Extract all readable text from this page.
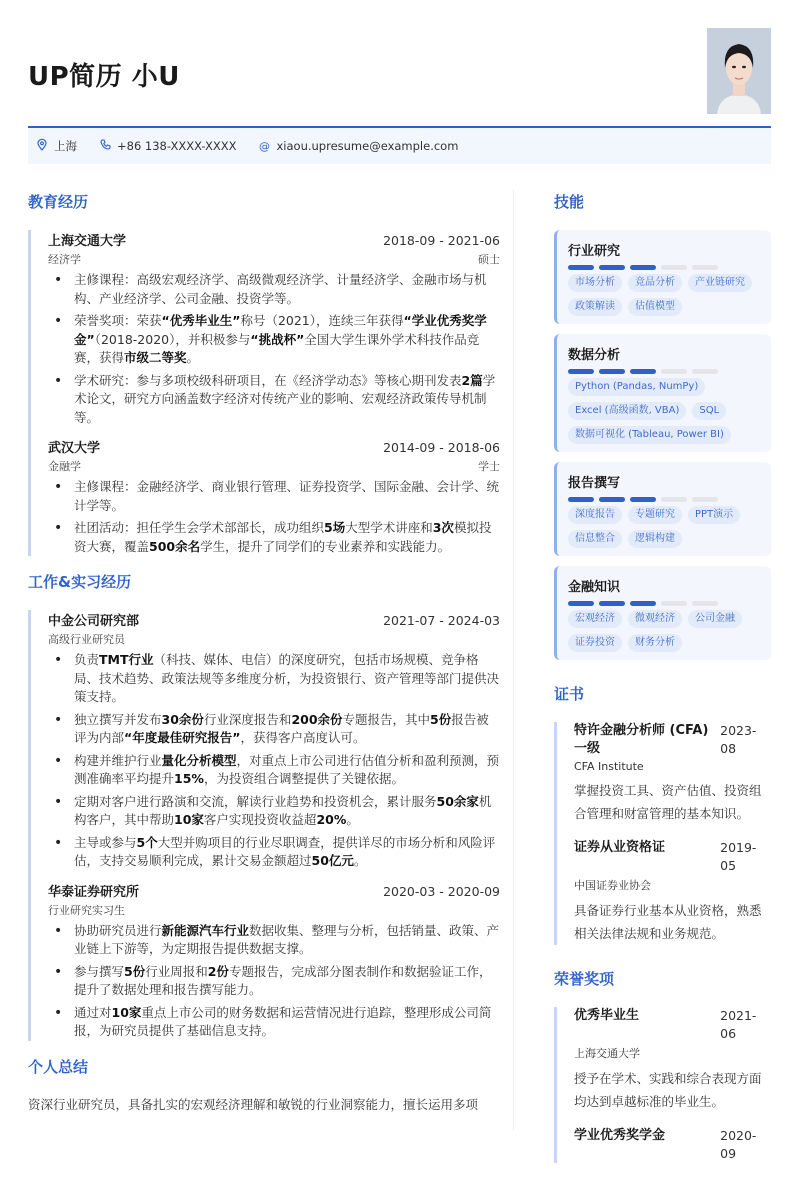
UP简历 小U
上海	+86 138-XXXX-XXXX @ xiaou.upresume@example.com
教育经历
上海交通大学	2018-09 - 2021-06
经济学	硕士
• 主修课程：高级宏观经济学、高级微观经济学、计量经济学、金融市场与机构、产业经济学、公司金融、投资学等。
• 荣誉奖项：荣获“优秀毕业生”称号（2021），连续三年获得“学业优秀奖学金”（2018-2020），并积极参与“挑战杯”全国大学生课外学术科技作品竞赛，获得市级二等奖。
• 学术研究：参与多项校级科研项目，在《经济学动态》等核心期刊发表2篇学术论文，研究方向涵盖数字经济对传统产业的影响、宏观经济政策传导机制等。
武汉大学	2014-09 - 2018-06
金融学	学士
• 主修课程：金融经济学、商业银行管理、证券投资学、国际金融、会计学、统计学等。
• 社团活动：担任学生会学术部部长，成功组织5场大型学术讲座和3次模拟投资大赛，覆盖500余名学生，提升了同学们的专业素养和实践能力。
工作&实习经历
中金公司研究部	2021-07 - 2024-03
高级行业研究员
• 负责TMT行业（科技、媒体、电信）的深度研究，包括市场规模、竞争格局、技术趋势、政策法规等多维度分析，为投资银行、资产管理等部门提供决策支持。
• 独立撰写并发布30余份行业深度报告和200余份专题报告，其中5份报告被评为内部“年度最佳研究报告”，获得客户高度认可。
• 构建并维护行业量化分析模型，对重点上市公司进行估值分析和盈利预测，预测准确率平均提升15%，为投资组合调整提供了关键依据。
• 定期对客户进行路演和交流，解读行业趋势和投资机会，累计服务50余家机构客户，其中帮助10家客户实现投资收益超20%。
• 主导或参与5个大型并购项目的行业尽职调查，提供详尽的市场分析和风险评估，支持交易顺利完成，累计交易金额超过50亿元。
华泰证券研究所	2020-03 - 2020-09
行业研究实习生
• 协助研究员进行新能源汽车行业数据收集、整理与分析，包括销量、政策、产业链上下游等，为定期报告提供数据支撑。
• 参与撰写5份行业周报和2份专题报告，完成部分图表制作和数据验证工作，提升了数据处理和报告撰写能力。
• 通过对10家重点上市公司的财务数据和运营情况进行追踪，整理形成公司简报，为研究员提供了基础信息支持。
个人总结
资深行业研究员，具备扎实的宏观经济理解和敏锐的行业洞察能力，擅长运用多项
技能
行业研究
市场分析	竞品分析	产业链研究
政策解读	估值模型
数据分析
Python (Pandas, NumPy)
Excel (高级函数, VBA)	SQL
数据可视化 (Tableau, Power BI)
报告撰写
深度报告	专题研究	PPT演示
信息整合	逻辑构建
金融知识
宏观经济	微观经济	公司金融
证券投资	财务分析
证书
特许金融分析师 (CFA) 一级
2023-08
CFA Institute
掌握投资工具、资产估值、投资组合管理和财富管理的基本知识。
证券从业资格证	2019-05
中国证券业协会
具备证券行业基本从业资格，熟悉相关法律法规和业务规范。
荣誉奖项
优秀毕业生	2021-06
上海交通大学
授予在学术、实践和综合表现方面均达到卓越标准的毕业生。
学业优秀奖学金	2020-09
